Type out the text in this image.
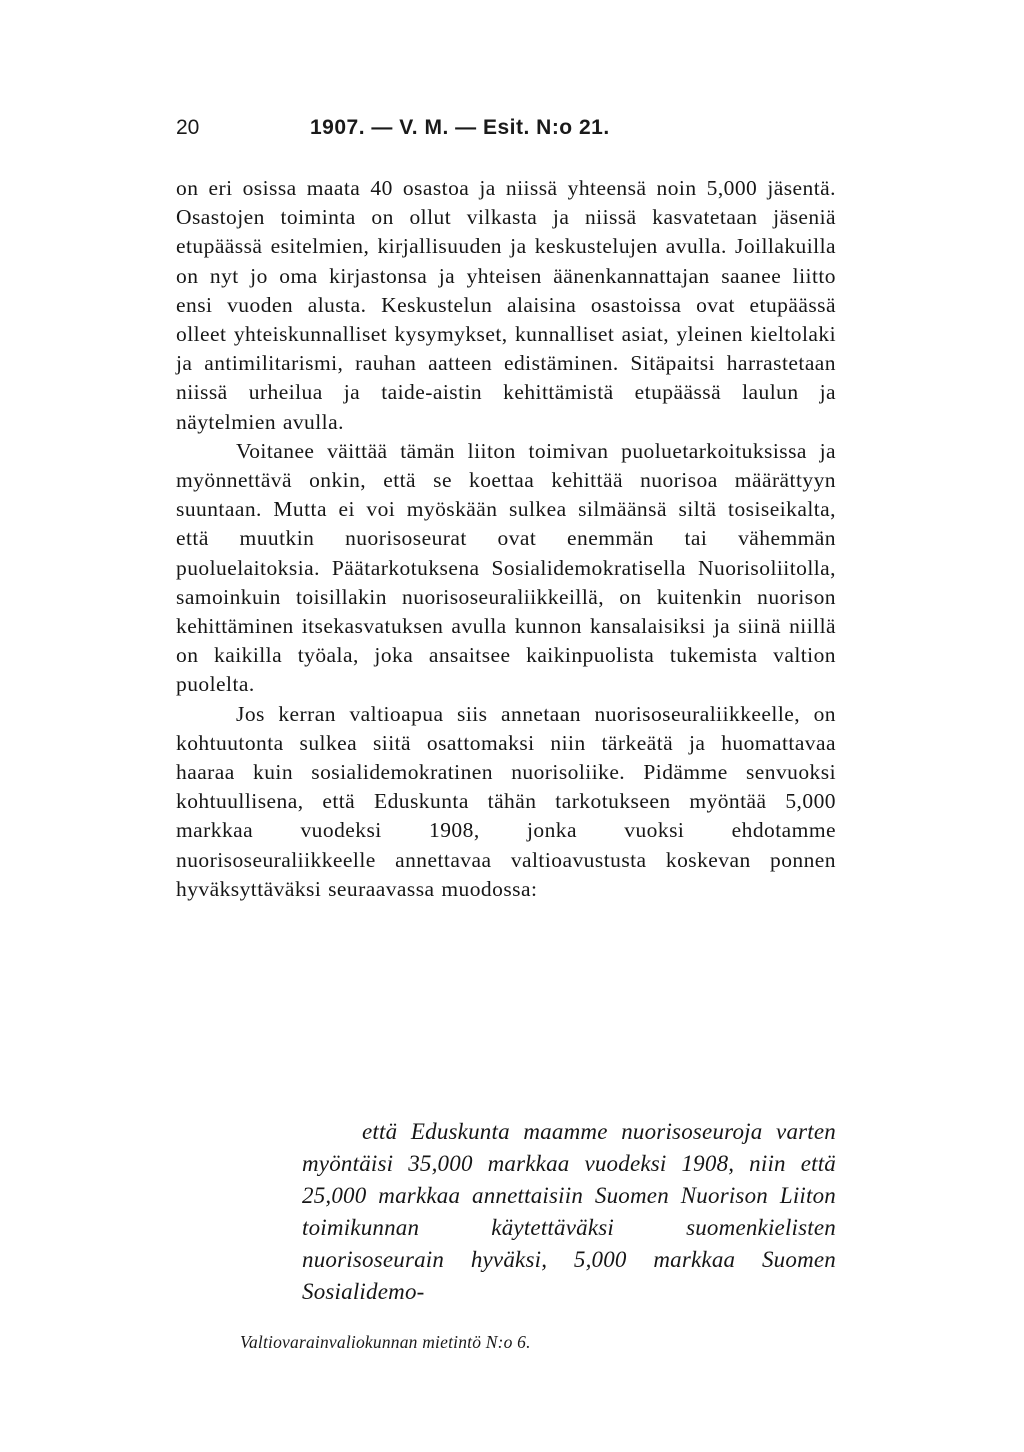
20	1907. — V. M. — Esit. N:o 21.

on eri osissa maata 40 osastoa ja niissä yhteensä noin 5,000 jäsentä. Osastojen toiminta on ollut vilkasta ja niissä kasvatetaan jäseniä etupäässä esitelmien, kirjallisuuden ja keskustelujen avulla. Joillakuilla on nyt jo oma kirjastonsa ja yhteisen äänenkannattajan saanee liitto ensi vuoden alusta. Keskustelun alaisina osastoissa ovat etupäässä olleet yhteiskunnalliset kysymykset, kunnalliset asiat, yleinen kieltolaki ja antimilitarismi, rauhan aatteen edistäminen. Sitäpaitsi harrastetaan niissä urheilua ja taide-aistin kehittämistä etupäässä laulun ja näytelmien avulla.

Voitanee väittää tämän liiton toimivan puoluetarkoituksissa ja myönnettävä onkin, että se koettaa kehittää nuorisoa määrättyyn suuntaan. Mutta ei voi myöskään sulkea silmäänsä siltä tosiseikalta, että muutkin nuorisoseurat ovat enemmän tai vähemmän puoluelaitoksia. Päätarkotuksena Sosialidemokratisella Nuorisoliitolla, samoinkuin toisillakin nuorisoseuraliikkeillä, on kuitenkin nuorison kehittäminen itsekasvatuksen avulla kunnon kansalaisiksi ja siinä niillä on kaikilla työala, joka ansaitsee kaikinpuolista tukemista valtion puolelta.

Jos kerran valtioapua siis annetaan nuorisoseuraliikkeelle, on kohtuutonta sulkea siitä osattomaksi niin tärkeätä ja huomattavaa haaraa kuin sosialidemokratinen nuorisoliike. Pidämme senvuoksi kohtuullisena, että Eduskunta tähän tarkotukseen myöntää 5,000 markkaa vuodeksi 1908, jonka vuoksi ehdotamme nuorisoseuraliikkeelle annettavaa valtioavustusta koskevan ponnen hyväksyttäväksi seuraavassa muodossa:

että Eduskunta maamme nuorisoseuroja varten myöntäisi 35,000 markkaa vuodeksi 1908, niin että 25,000 markkaa annettaisiin Suomen Nuorison Liiton toimikunnan käytettäväksi suomenkielisten nuorisoseurain hyväksi, 5,000 markkaa Suomen Sosialidemo-

Valtiovarainvaliokunnan mietintö N:o 6.
